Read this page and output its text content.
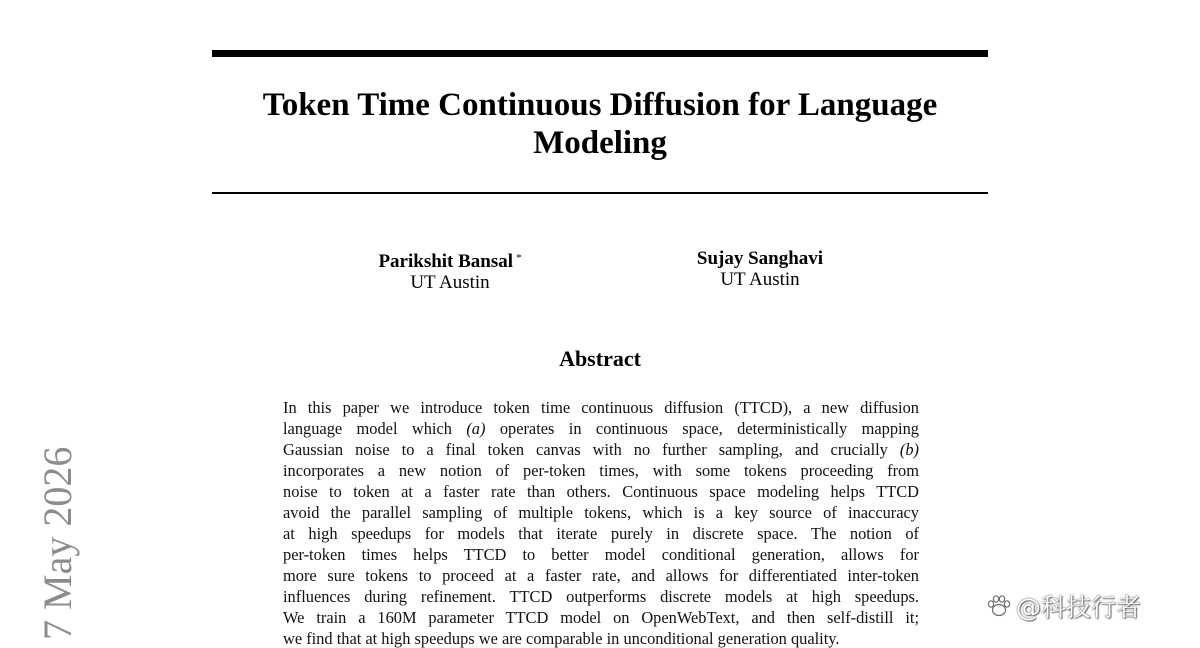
Token Time Continuous Diffusion for Language
Modeling
Parikshit Bansal *
UT Austin
Sujay Sanghavi
UT Austin
Abstract
In this paper we introduce token time continuous diffusion (TTCD), a new diffusion
language model which (a) operates in continuous space, deterministically mapping
Gaussian noise to a final token canvas with no further sampling, and crucially (b)
incorporates a new notion of per-token times, with some tokens proceeding from
noise to token at a faster rate than others. Continuous space modeling helps TTCD
avoid the parallel sampling of multiple tokens, which is a key source of inaccuracy
at high speedups for models that iterate purely in discrete space. The notion of
per-token times helps TTCD to better model conditional generation, allows for
more sure tokens to proceed at a faster rate, and allows for differentiated inter-token
influences during refinement. TTCD outperforms discrete models at high speedups.
We train a 160M parameter TTCD model on OpenWebText, and then self-distill it;
we find that at high speedups we are comparable in unconditional generation quality.
7 May 2026	@科技行者
